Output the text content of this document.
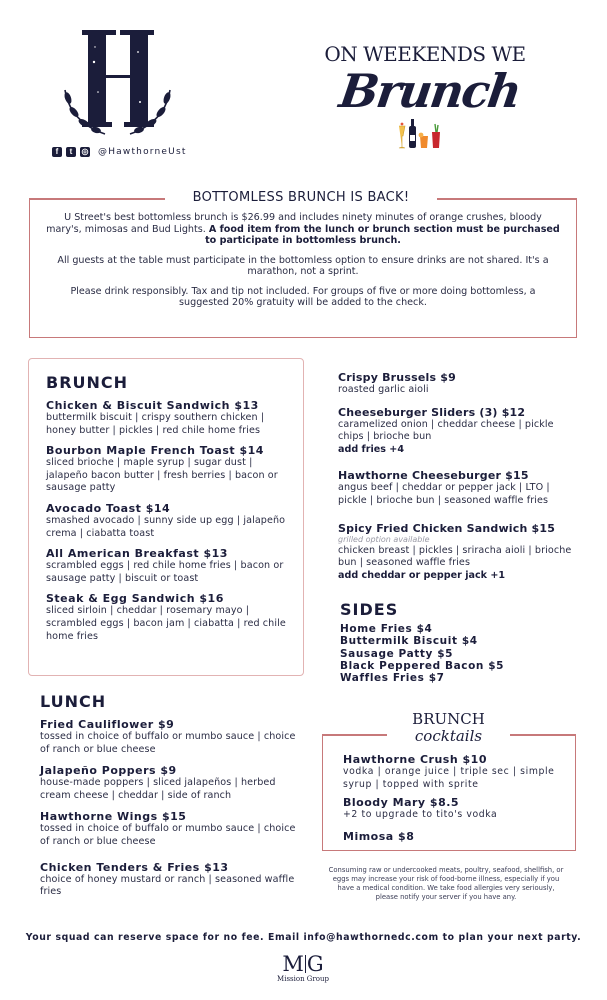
f	t	◎ @HawthorneUst
ON WEEKENDS WE
Brunch
BOTTOMLESS BRUNCH IS BACK!

U Street's best bottomless brunch is $26.99 and includes ninety minutes of orange crushes, bloody mary's, mimosas and Bud Lights. A food item from the lunch or brunch section must be purchased to participate in bottomless brunch.

All guests at the table must participate in the bottomless option to ensure drinks are not shared. It's a marathon, not a sprint.

Please drink responsibly. Tax and tip not included. For groups of five or more doing bottomless, a suggested 20% gratuity will be added to the check.

BRUNCH
Chicken & Biscuit Sandwich $13
buttermilk biscuit | crispy southern chicken | honey butter | pickles | red chile home fries
Bourbon Maple French Toast $14
sliced brioche | maple syrup | sugar dust | jalapeño bacon butter | fresh berries | bacon or sausage patty
Avocado Toast $14
smashed avocado | sunny side up egg | jalapeño crema | ciabatta toast
All American Breakfast $13
scrambled eggs | red chile home fries | bacon or sausage patty | biscuit or toast
Steak & Egg Sandwich $16
sliced sirloin | cheddar | rosemary mayo | scrambled eggs | bacon jam | ciabatta | red chile home fries
Crispy Brussels $9
roasted garlic aioli
Cheeseburger Sliders (3) $12
caramelized onion | cheddar cheese | pickle chips | brioche bun
add fries +4
Hawthorne Cheeseburger $15
angus beef | cheddar or pepper jack | LTO | pickle | brioche bun | seasoned waffle fries
Spicy Fried Chicken Sandwich $15
grilled option available
chicken breast | pickles | sriracha aioli | brioche bun | seasoned waffle fries
add cheddar or pepper jack +1
SIDES
Home Fries $4
Buttermilk Biscuit $4
Sausage Patty $5
Black Peppered Bacon $5
Waffles Fries $7
LUNCH
Fried Cauliflower $9
tossed in choice of buffalo or mumbo sauce | choice of ranch or blue cheese
Jalapeño Poppers $9
house-made poppers | sliced jalapeños | herbed cream cheese | cheddar | side of ranch
Hawthorne Wings $15
tossed in choice of buffalo or mumbo sauce | choice of ranch or blue cheese
Chicken Tenders & Fries $13
choice of honey mustard or ranch | seasoned waffle fries
BRUNCH
cocktails
Hawthorne Crush $10
vodka | orange juice | triple sec | simple syrup | topped with sprite
Bloody Mary $8.5
+2 to upgrade to tito's vodka
Mimosa $8
Consuming raw or undercooked meats, poultry, seafood, shellfish, or eggs may increase your risk of food-borne illness, especially if you have a medical condition. We take food allergies very seriously, please notify your server if you have any.
Your squad can reserve space for no fee. Email info@hawthornedc.com to plan your next party.
M G
Mission Group
